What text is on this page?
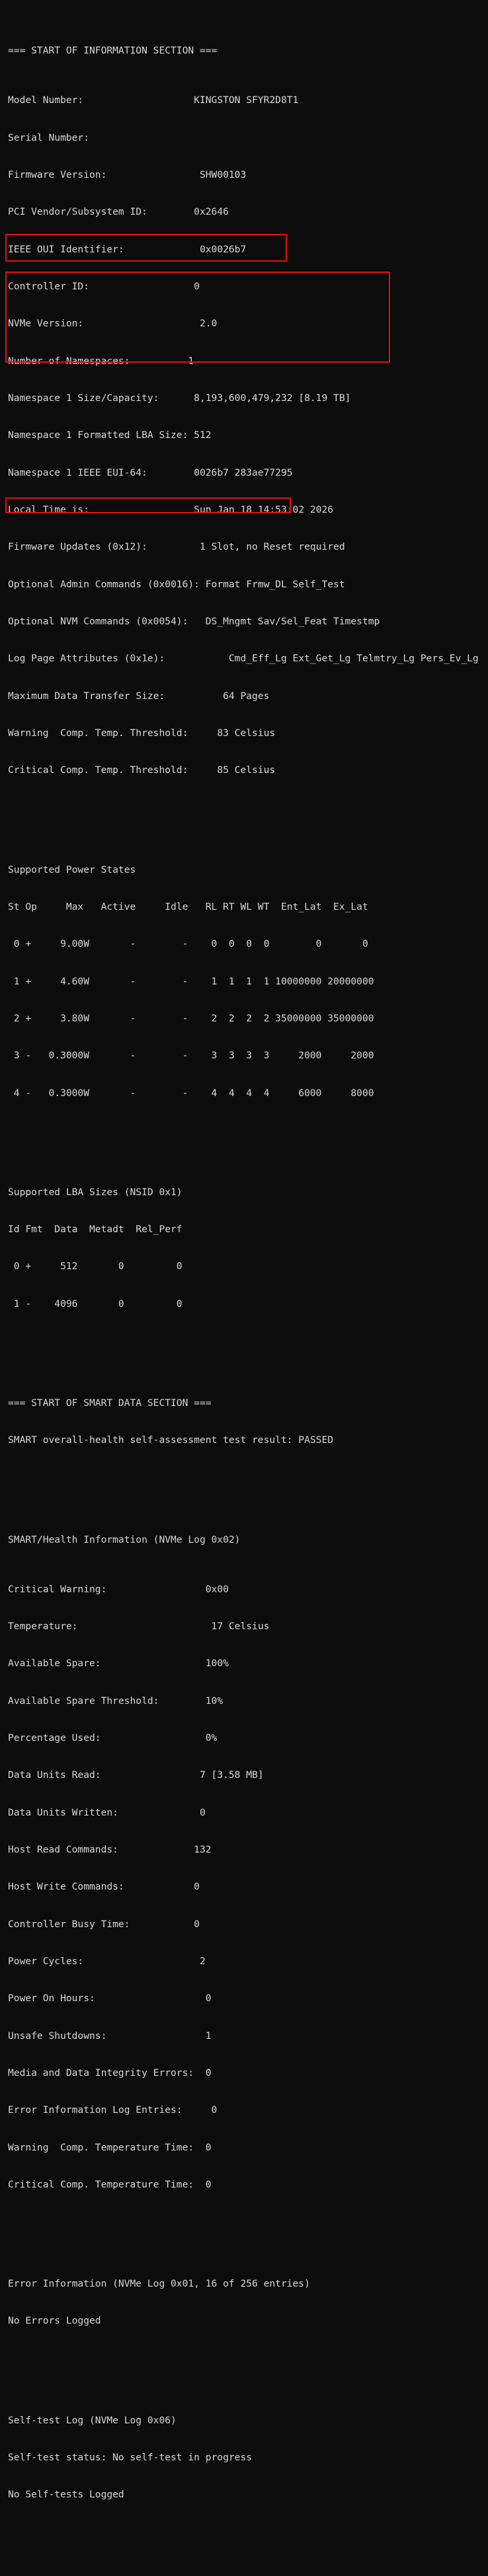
=== START OF INFORMATION SECTION ===

Model Number:	KINGSTON SFYR2D8T1

Serial Number:

Firmware Version:	SHW00103

PCI Vendor/Subsystem ID:	0x2646

IEEE OUI Identifier:	0x0026b7

Controller ID:	0

NVMe Version:	2.0

Number of Namespaces:	1

Namespace 1 Size/Capacity:	8,193,600,479,232 [8.19 TB]

Namespace 1 Formatted LBA Size: 512

Namespace 1 IEEE EUI-64:	0026b7 283ae77295

Local Time is:	Sun Jan 18 14:53:02 2026

Firmware Updates (0x12):	1 Slot, no Reset required

Optional Admin Commands (0x0016): Format Frmw_DL Self_Test

Optional NVM Commands (0x0054): DS_Mngmt Sav/Sel_Feat Timestmp

Log Page Attributes (0x1e):	Cmd_Eff_Lg Ext_Get_Lg Telmtry_Lg Pers_Ev_Lg

Maximum Data Transfer Size:	64 Pages

Warning  Comp. Temp. Threshold:	83 Celsius

Critical Comp. Temp. Threshold:	85 Celsius

Supported Power States

St Op     Max   Active     Idle   RL RT WL WT  Ent_Lat  Ex_Lat

0 +     9.00W       -        -    0  0  0  0        0       0

1 +     4.60W       -        -    1  1  1  1 10000000 20000000

2 +     3.80W       -        -    2  2  2  2 35000000 35000000

3 -   0.3000W       -        -    3  3  3  3     2000     2000

4 -   0.3000W       -        -    4  4  4  4     6000     8000

Supported LBA Sizes (NSID 0x1)

Id Fmt  Data  Metadt  Rel_Perf

0 +     512       0         0

1 -    4096       0         0

=== START OF SMART DATA SECTION ===

SMART overall-health self-assessment test result: PASSED

SMART/Health Information (NVMe Log 0x02)

Critical Warning:	0x00

Temperature:	17 Celsius

Available Spare:	100%

Available Spare Threshold:	10%

Percentage Used:	0%

Data Units Read:	7 [3.58 MB]

Data Units Written:	0

Host Read Commands:	132

Host Write Commands:	0

Controller Busy Time:	0

Power Cycles:	2

Power On Hours:	0

Unsafe Shutdowns:	1

Media and Data Integrity Errors: 0

Error Information Log Entries:	0

Warning  Comp. Temperature Time: 0

Critical Comp. Temperature Time: 0

Error Information (NVMe Log 0x01, 16 of 256 entries)

No Errors Logged

Self-test Log (NVMe Log 0x06)

Self-test status: No self-test in progress

No Self-tests Logged
